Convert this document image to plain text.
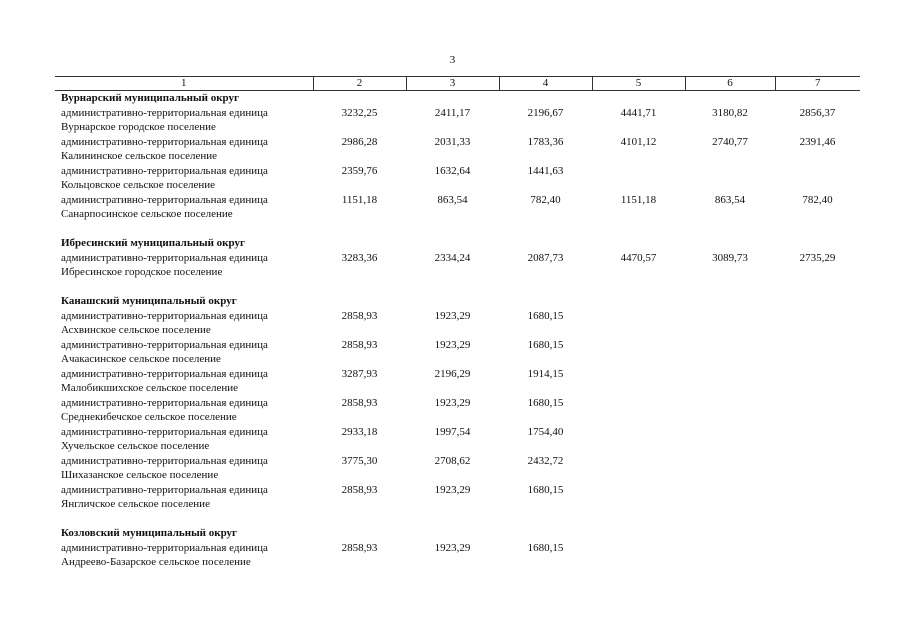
3
1	2	3	4	5	6	7
Вурнарский муниципальный округ						
административно-территориальная единица	3232,25	2411,17	2196,67	4441,71	3180,82	2856,37
Вурнарское городское поселение						
административно-территориальная единица	2986,28	2031,33	1783,36	4101,12	2740,77	2391,46
Калининское сельское поселение						
административно-территориальная единица	2359,76	1632,64	1441,63			
Кольцовское сельское поселение						
административно-территориальная единица	1151,18	863,54	782,40	1151,18	863,54	782,40
Санарпосинское сельское поселение						

Ибресинский муниципальный округ						
административно-территориальная единица	3283,36	2334,24	2087,73	4470,57	3089,73	2735,29
Ибресинское городское поселение						

Канашский муниципальный округ						
административно-территориальная единица	2858,93	1923,29	1680,15			
Асхвинское сельское поселение						
административно-территориальная единица	2858,93	1923,29	1680,15			
Ачакасинское сельское поселение						
административно-территориальная единица	3287,93	2196,29	1914,15			
Малобикшихское сельское поселение						
административно-территориальная единица	2858,93	1923,29	1680,15			
Среднекибечское сельское поселение						
административно-территориальная единица	2933,18	1997,54	1754,40			
Хучельское сельское поселение						
административно-территориальная единица	3775,30	2708,62	2432,72			
Шихазанское сельское поселение						
административно-территориальная единица	2858,93	1923,29	1680,15			
Янгличское сельское поселение						

Козловский муниципальный округ						
административно-территориальная единица	2858,93	1923,29	1680,15			
Андреево-Базарское сельское поселение						
